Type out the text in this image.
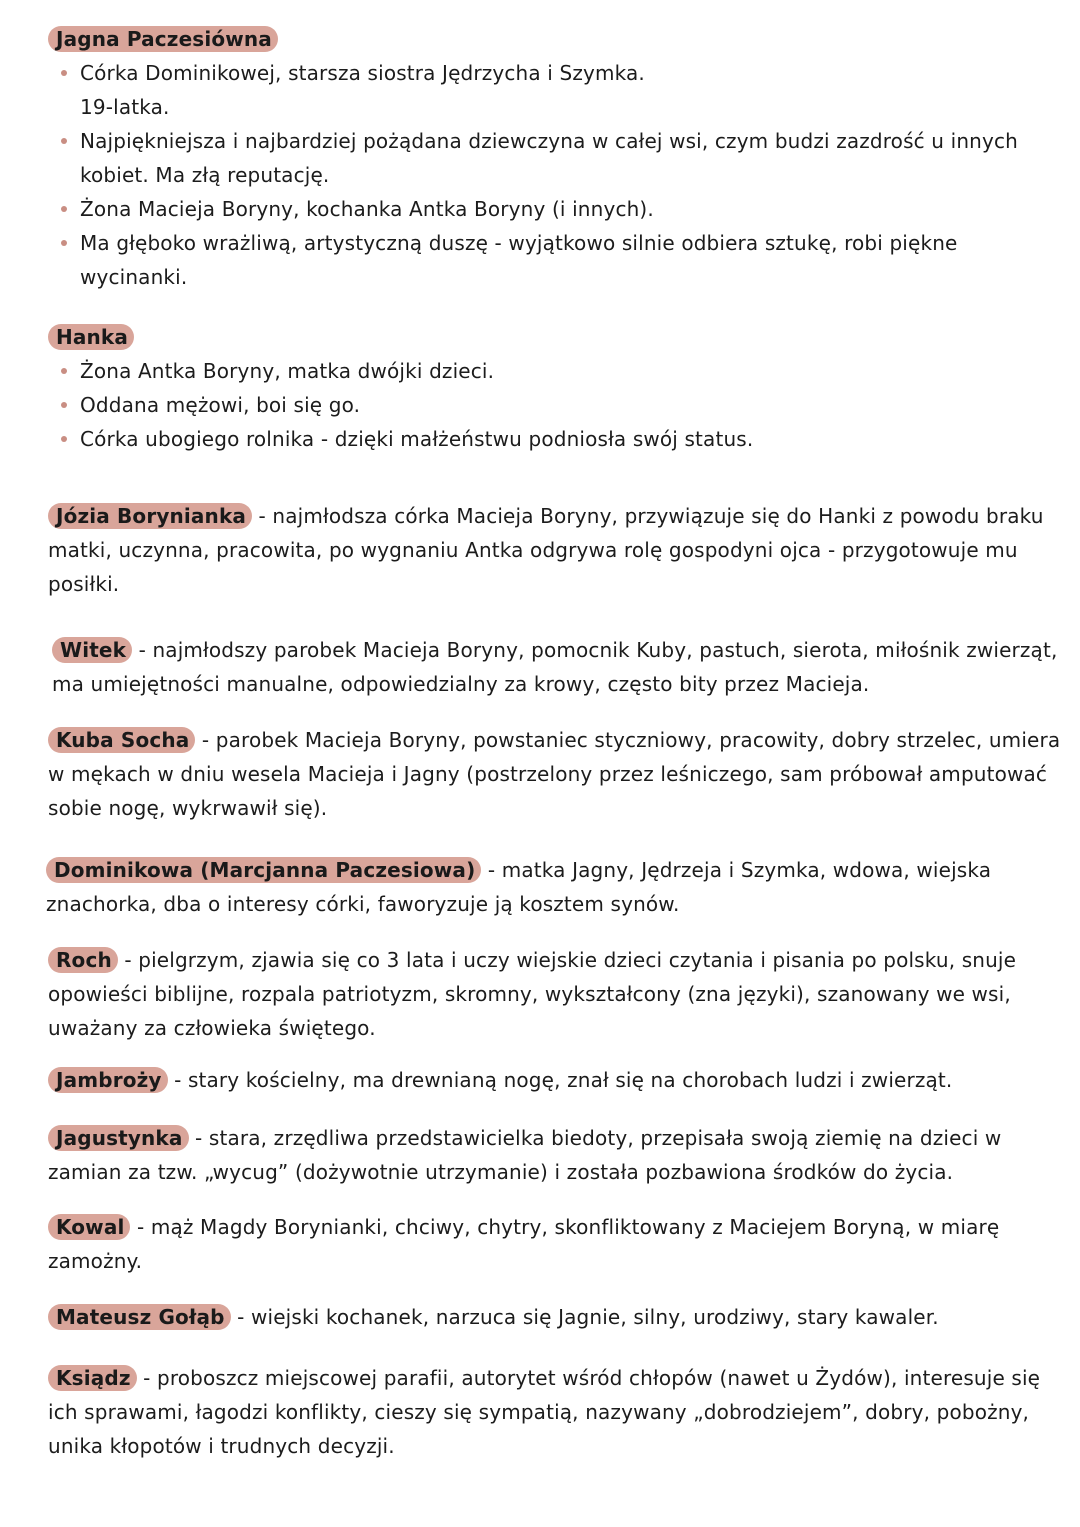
Jagna Paczesiówna
Córka Dominikowej, starsza siostra Jędrzycha i Szymka. 19-latka.
Najpiękniejsza i najbardziej pożądana dziewczyna w całej wsi, czym budzi zazdrość u innych kobiet. Ma złą reputację.
Żona Macieja Boryny, kochanka Antka Boryny (i innych).
Ma głęboko wrażliwą, artystyczną duszę - wyjątkowo silnie odbiera sztukę, robi piękne wycinanki.
Hanka
Żona Antka Boryny, matka dwójki dzieci.
Oddana mężowi, boi się go.
Córka ubogiego rolnika - dzięki małżeństwu podniosła swój status.
Józia Borynianka - najmłodsza córka Macieja Boryny, przywiązuje się do Hanki z powodu braku matki, uczynna, pracowita, po wygnaniu Antka odgrywa rolę gospodyni ojca - przygotowuje mu posiłki.
Witek - najmłodszy parobek Macieja Boryny, pomocnik Kuby, pastuch, sierota, miłośnik zwierząt, ma umiejętności manualne, odpowiedzialny za krowy, często bity przez Macieja.
Kuba Socha - parobek Macieja Boryny, powstaniec styczniowy, pracowity, dobry strzelec, umiera w mękach w dniu wesela Macieja i Jagny (postrzelony przez leśniczego, sam próbował amputować sobie nogę, wykrwawił się).
Dominikowa (Marcjanna Paczesiowa) - matka Jagny, Jędrzeja i Szymka, wdowa, wiejska znachorka, dba o interesy córki, faworyzuje ją kosztem synów.
Roch - pielgrzym, zjawia się co 3 lata i uczy wiejskie dzieci czytania i pisania po polsku, snuje opowieści biblijne, rozpala patriotyzm, skromny, wykształcony (zna języki), szanowany we wsi, uważany za człowieka świętego.
Jambroży - stary kościelny, ma drewnianą nogę, znał się na chorobach ludzi i zwierząt.
Jagustynka - stara, zrzędliwa przedstawicielka biedoty, przepisała swoją ziemię na dzieci w zamian za tzw. „wycug” (dożywotnie utrzymanie) i została pozbawiona środków do życia.
Kowal - mąż Magdy Borynianki, chciwy, chytry, skonfliktowany z Maciejem Boryną, w miarę zamożny.
Mateusz Gołąb - wiejski kochanek, narzuca się Jagnie, silny, urodziwy, stary kawaler.
Ksiądz - proboszcz miejscowej parafii, autorytet wśród chłopów (nawet u Żydów), interesuje się ich sprawami, łagodzi konflikty, cieszy się sympatią, nazywany „dobrodziejem”, dobry, pobożny, unika kłopotów i trudnych decyzji.
